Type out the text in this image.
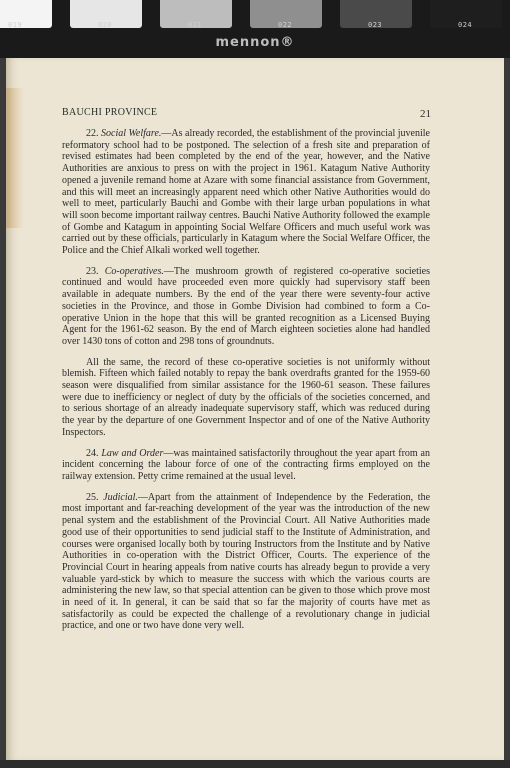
019	020	021	022	023	024
mennon®
BAUCHI PROVINCE	21

22. Social Welfare.—As already recorded, the establishment of the provincial juvenile reformatory school had to be postponed. The selection of a fresh site and preparation of revised estimates had been completed by the end of the year, however, and the Native Authorities are anxious to press on with the project in 1961. Katagum Native Authority opened a juvenile remand home at Azare with some financial assistance from Government, and this will meet an increasingly apparent need which other Native Authorities would do well to meet, particularly Bauchi and Gombe with their large urban populations in what will soon become important railway centres. Bauchi Native Authority followed the example of Gombe and Katagum in appointing Social Welfare Officers and much useful work was carried out by these officials, particularly in Katagum where the Social Welfare Officer, the Police and the Chief Alkali worked well together.

23. Co-operatives.—The mushroom growth of registered co-operative societies continued and would have proceeded even more quickly had supervisory staff been available in adequate numbers. By the end of the year there were seventy-four active societies in the Province, and those in Gombe Division had combined to form a Co-operative Union in the hope that this will be granted recognition as a Licensed Buying Agent for the 1961-62 season. By the end of March eighteen societies alone had handled over 1430 tons of cotton and 298 tons of groundnuts.

All the same, the record of these co-operative societies is not uniformly without blemish. Fifteen which failed notably to repay the bank overdrafts granted for the 1959-60 season were disqualified from similar assistance for the 1960-61 season. These failures were due to inefficiency or neglect of duty by the officials of the societies concerned, and to serious shortage of an already inadequate supervisory staff, which was reduced during the year by the departure of one Government Inspector and of one of the Native Authority Inspectors.

24. Law and Order—was maintained satisfactorily throughout the year apart from an incident concerning the labour force of one of the contracting firms employed on the railway extension. Petty crime remained at the usual level.

25. Judicial.—Apart from the attainment of Independence by the Federation, the most important and far-reaching development of the year was the introduction of the new penal system and the establishment of the Provincial Court. All Native Authorities made good use of their opportunities to send judicial staff to the Institute of Administration, and courses were organised locally both by touring Instructors from the Institute and by Native Authorities in co-operation with the District Officer, Courts. The experience of the Provincial Court in hearing appeals from native courts has already begun to provide a very valuable yard-stick by which to measure the success with which the various courts are administering the new law, so that special attention can be given to those which prove most in need of it. In general, it can be said that so far the majority of courts have met as satisfactorily as could be expected the challenge of a revolutionary change in judicial practice, and one or two have done very well.
